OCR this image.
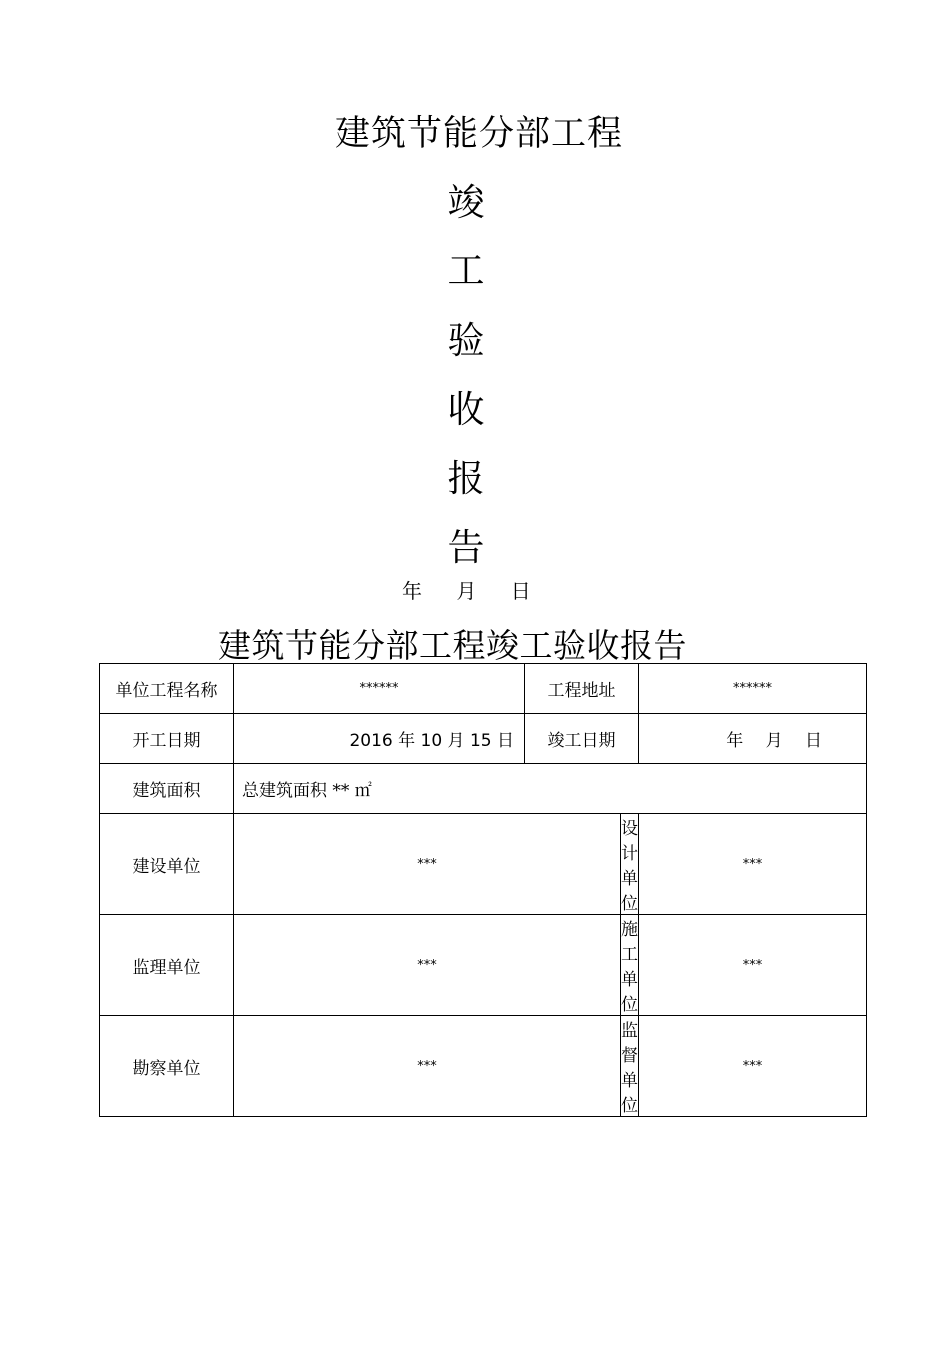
建筑节能分部工程
竣
工
验
收
报
告
年 月 日
建筑节能分部工程竣工验收报告
单位工程名称	******	工程地址		******
开工日期	2016 年 10 月 15 日	竣工日期		年　 月　 日
建筑面积	总建筑面积 ** ㎡			
建设单位	***		设计单位	***
监理单位	***		施工单位	***
勘察单位	***		监督单位	***
